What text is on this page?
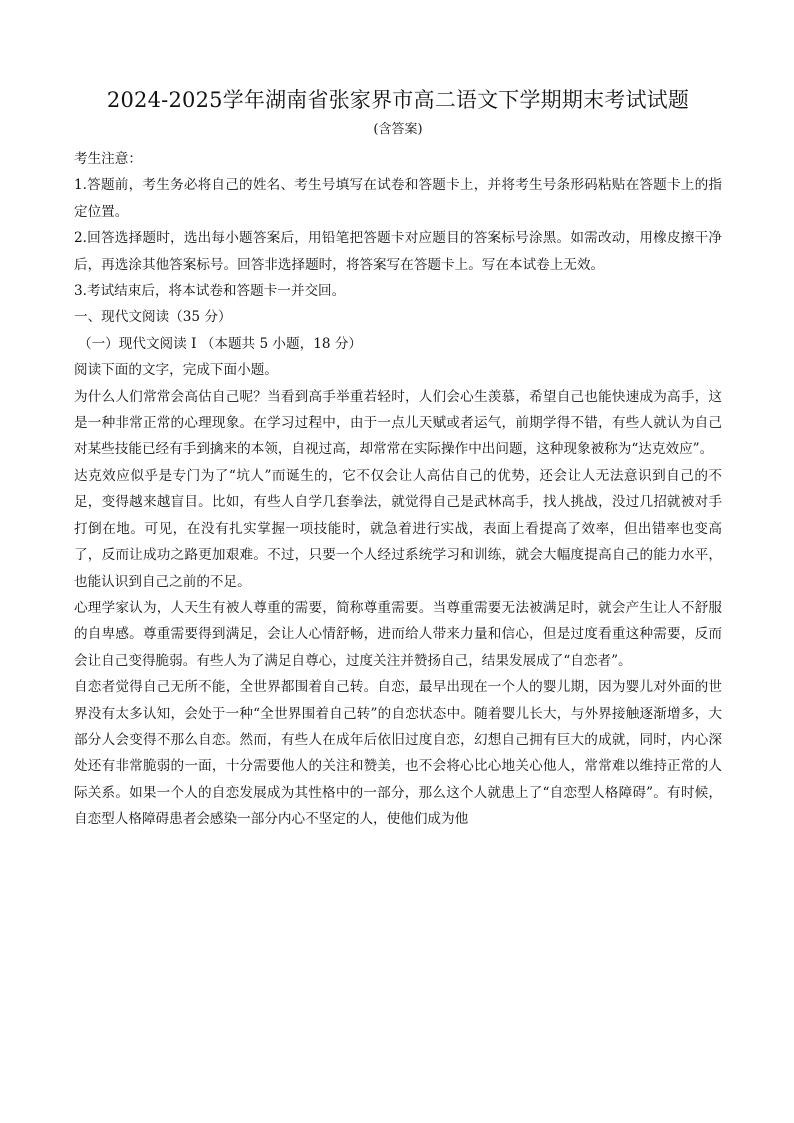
2024-2025学年湖南省张家界市高二语文下学期期末考试试题
(含答案)

考生注意：

1.答题前，考生务必将自己的姓名、考生号填写在试卷和答题卡上，并将考生号条形码粘贴在答题卡上的指定位置。

2.回答选择题时，选出每小题答案后，用铅笔把答题卡对应题目的答案标号涂黑。如需改动，用橡皮擦干净后，再选涂其他答案标号。回答非选择题时，将答案写在答题卡上。写在本试卷上无效。

3.考试结束后，将本试卷和答题卡一并交回。

一、现代文阅读（35 分）

（一）现代文阅读 I （本题共 5 小题，18 分）

阅读下面的文字，完成下面小题。

为什么人们常常会高估自己呢？当看到高手举重若轻时，人们会心生羡慕，希望自己也能快速成为高手，这是一种非常正常的心理现象。在学习过程中，由于一点儿天赋或者运气，前期学得不错，有些人就认为自己对某些技能已经有手到擒来的本领，自视过高，却常常在实际操作中出问题，这种现象被称为“达克效应”。

达克效应似乎是专门为了“坑人”而诞生的，它不仅会让人高估自己的优势，还会让人无法意识到自己的不足，变得越来越盲目。比如，有些人自学几套拳法，就觉得自己是武林高手，找人挑战，没过几招就被对手打倒在地。可见，在没有扎实掌握一项技能时，就急着进行实战，表面上看提高了效率，但出错率也变高了，反而让成功之路更加艰难。不过，只要一个人经过系统学习和训练，就会大幅度提高自己的能力水平，也能认识到自己之前的不足。

心理学家认为，人天生有被人尊重的需要，简称尊重需要。当尊重需要无法被满足时，就会产生让人不舒服的自卑感。尊重需要得到满足，会让人心情舒畅，进而给人带来力量和信心，但是过度看重这种需要，反而会让自己变得脆弱。有些人为了满足自尊心，过度关注并赞扬自己，结果发展成了“自恋者”。

自恋者觉得自己无所不能，全世界都围着自己转。自恋，最早出现在一个人的婴儿期，因为婴儿对外面的世界没有太多认知，会处于一种“全世界围着自己转”的自恋状态中。随着婴儿长大，与外界接触逐渐增多，大部分人会变得不那么自恋。然而，有些人在成年后依旧过度自恋，幻想自己拥有巨大的成就，同时，内心深处还有非常脆弱的一面，十分需要他人的关注和赞美，也不会将心比心地关心他人，常常难以维持正常的人际关系。如果一个人的自恋发展成为其性格中的一部分，那么这个人就患上了“自恋型人格障碍”。有时候，自恋型人格障碍患者会感染一部分内心不坚定的人，使他们成为他
